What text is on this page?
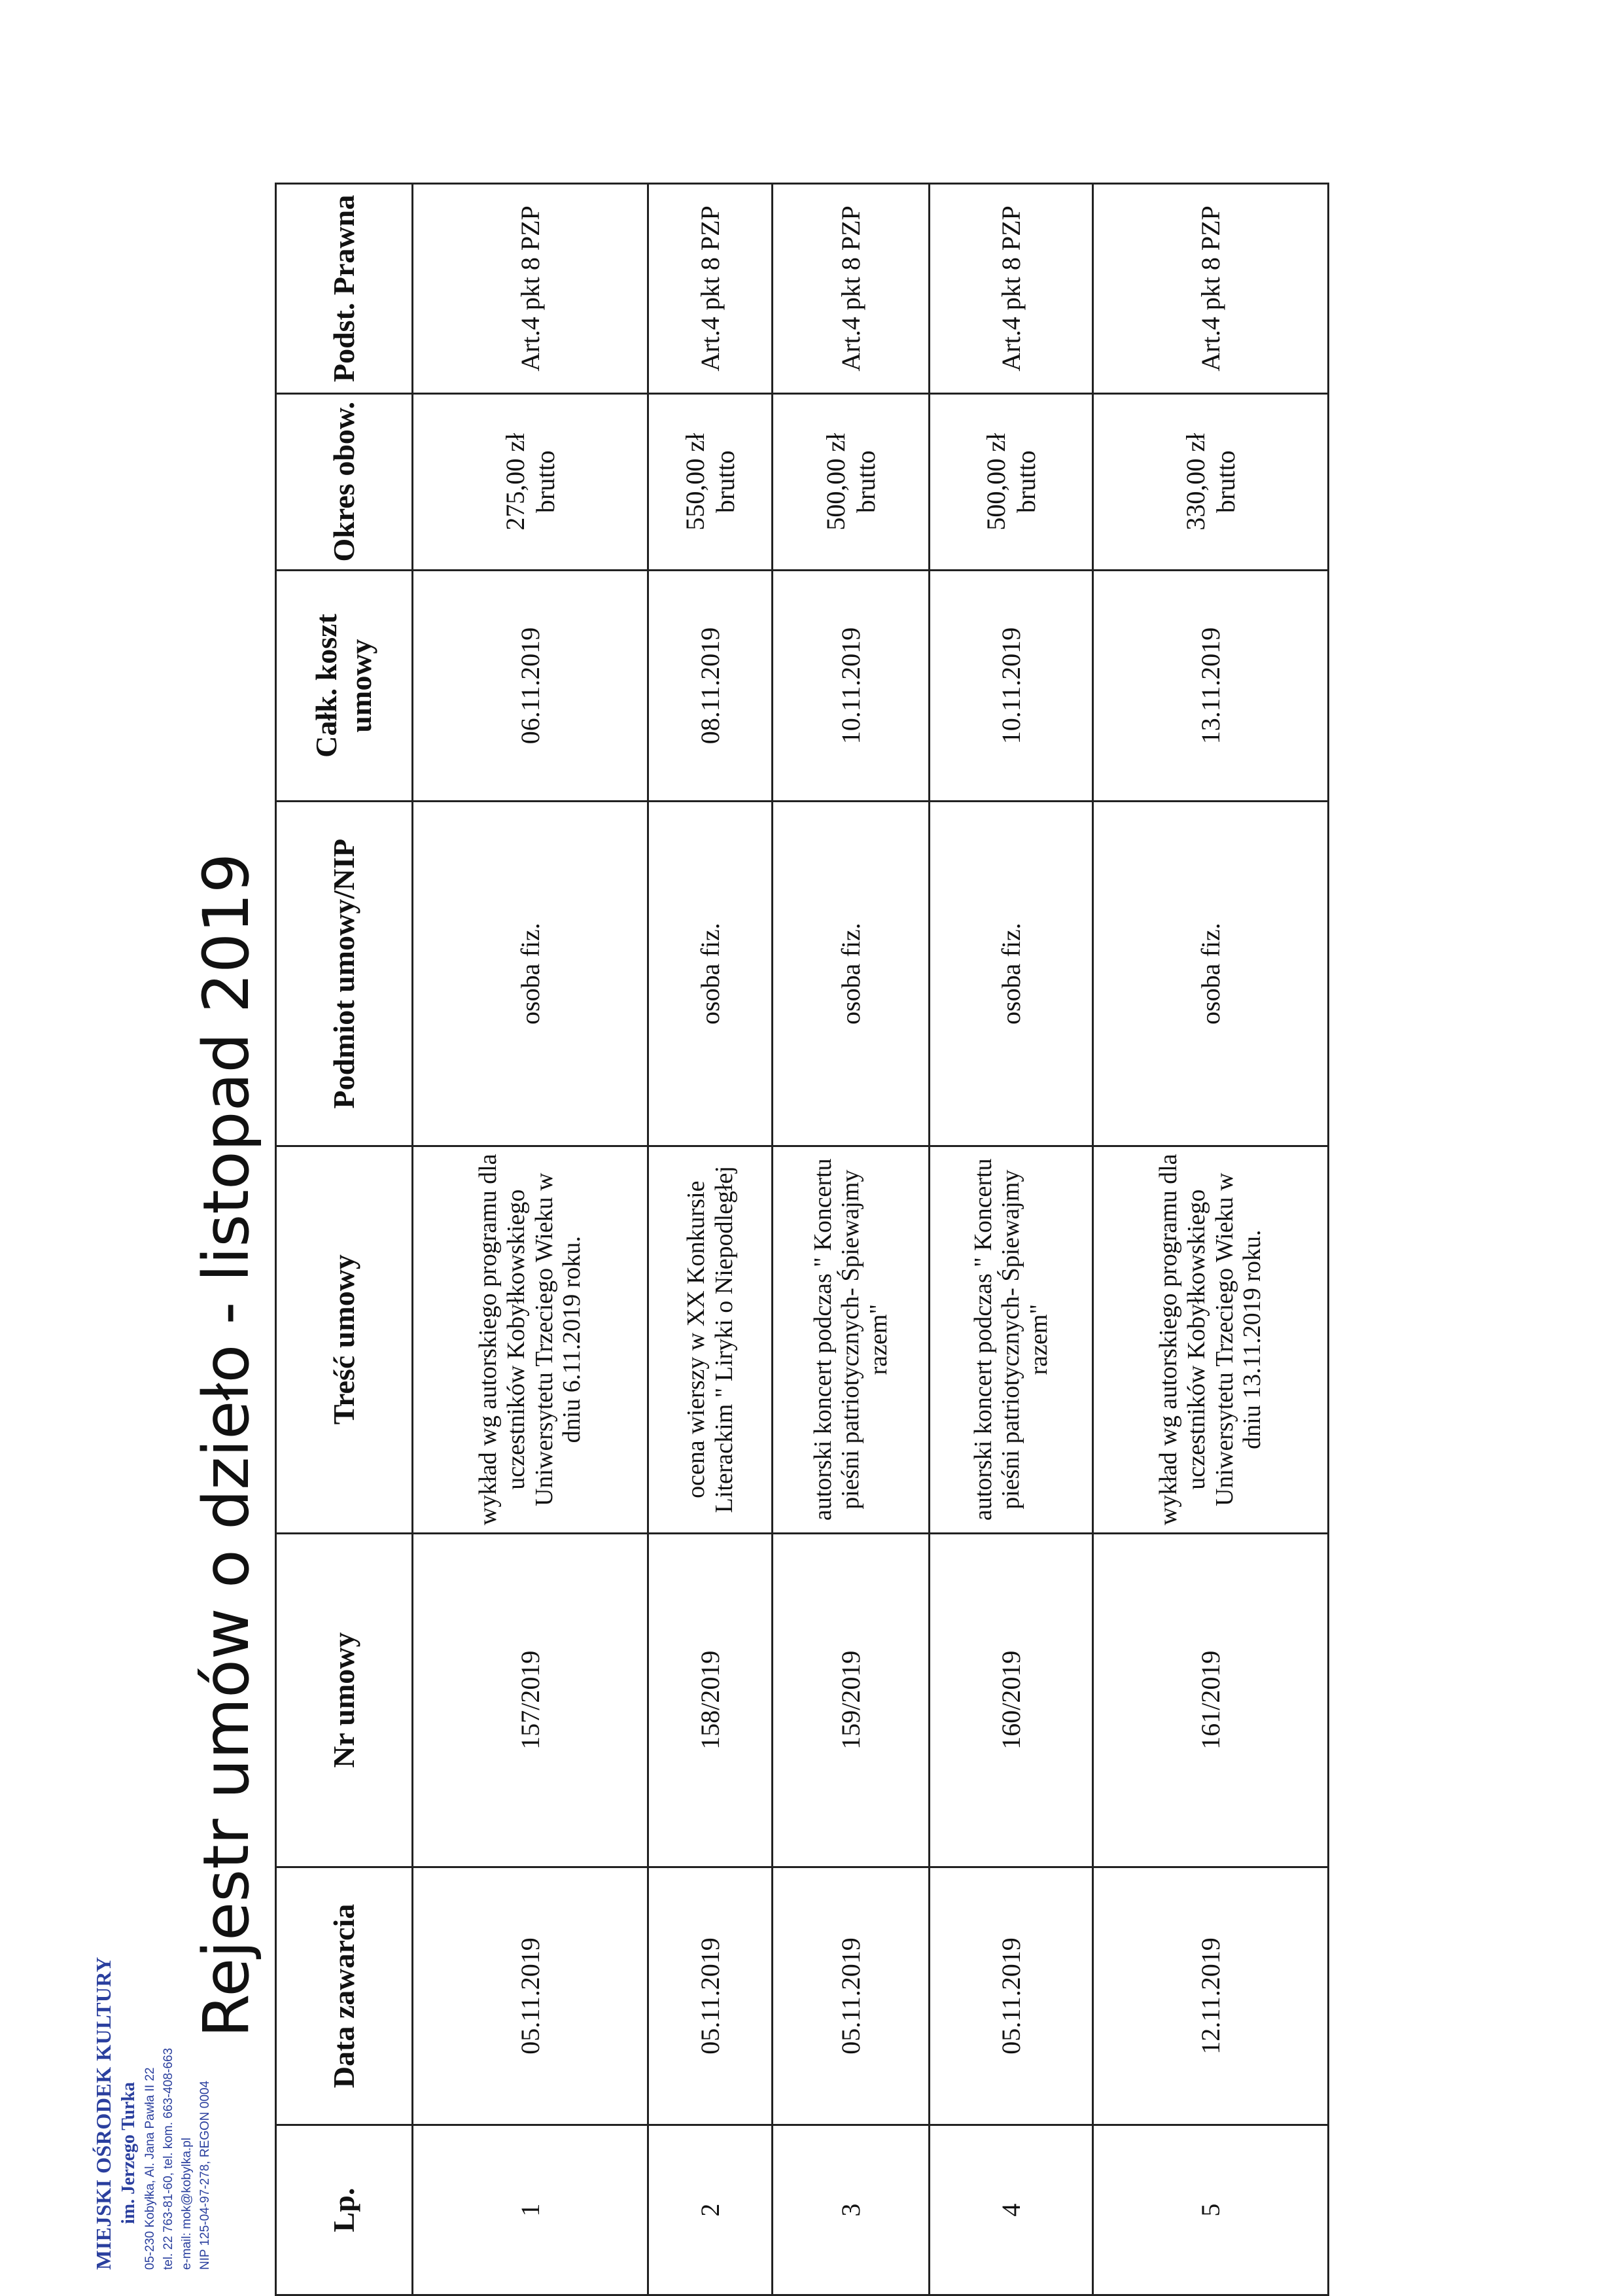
MIEJSKI OŚRODEK KULTURY im. Jerzego Turka 05-230 Kobyłka, Al. Jana Pawła II 22 tel. 22 763-81-60, tel. kom. 663-408-663 e-mail: mok@kobylka.pl NIP 125-04-97-278, REGON 0004
Rejestr umów o dzieło - listopad 2019
Lp.	Data zawarcia	Nr umowy	Treść umowy	Podmiot umowy/NIP	Całk. koszt umowy	Okres obow.	Podst. Prawna
1	05.11.2019	157/2019	wykład wg autorskiego programu dla uczestników Kobyłkowskiego Uniwersytetu Trzeciego Wieku w dniu 6.11.2019 roku.	osoba fiz.	06.11.2019	275,00 zł brutto	Art.4 pkt 8 PZP
2	05.11.2019	158/2019	ocena wierszy w XX Konkursie Literackim " Liryki o Niepodległej	osoba fiz.	08.11.2019	550,00 zł brutto	Art.4 pkt 8 PZP
3	05.11.2019	159/2019	autorski koncert podczas " Koncertu pieśni patriotycznych- Śpiewajmy razem"	osoba fiz.	10.11.2019	500,00 zł brutto	Art.4 pkt 8 PZP
4	05.11.2019	160/2019	autorski koncert podczas " Koncertu pieśni patriotycznych- Śpiewajmy razem"	osoba fiz.	10.11.2019	500,00 zł brutto	Art.4 pkt 8 PZP
5	12.11.2019	161/2019	wykład wg autorskiego programu dla uczestników Kobyłkowskiego Uniwersytetu Trzeciego Wieku w dniu 13.11.2019 roku.	osoba fiz.	13.11.2019	330,00 zł brutto	Art.4 pkt 8 PZP
